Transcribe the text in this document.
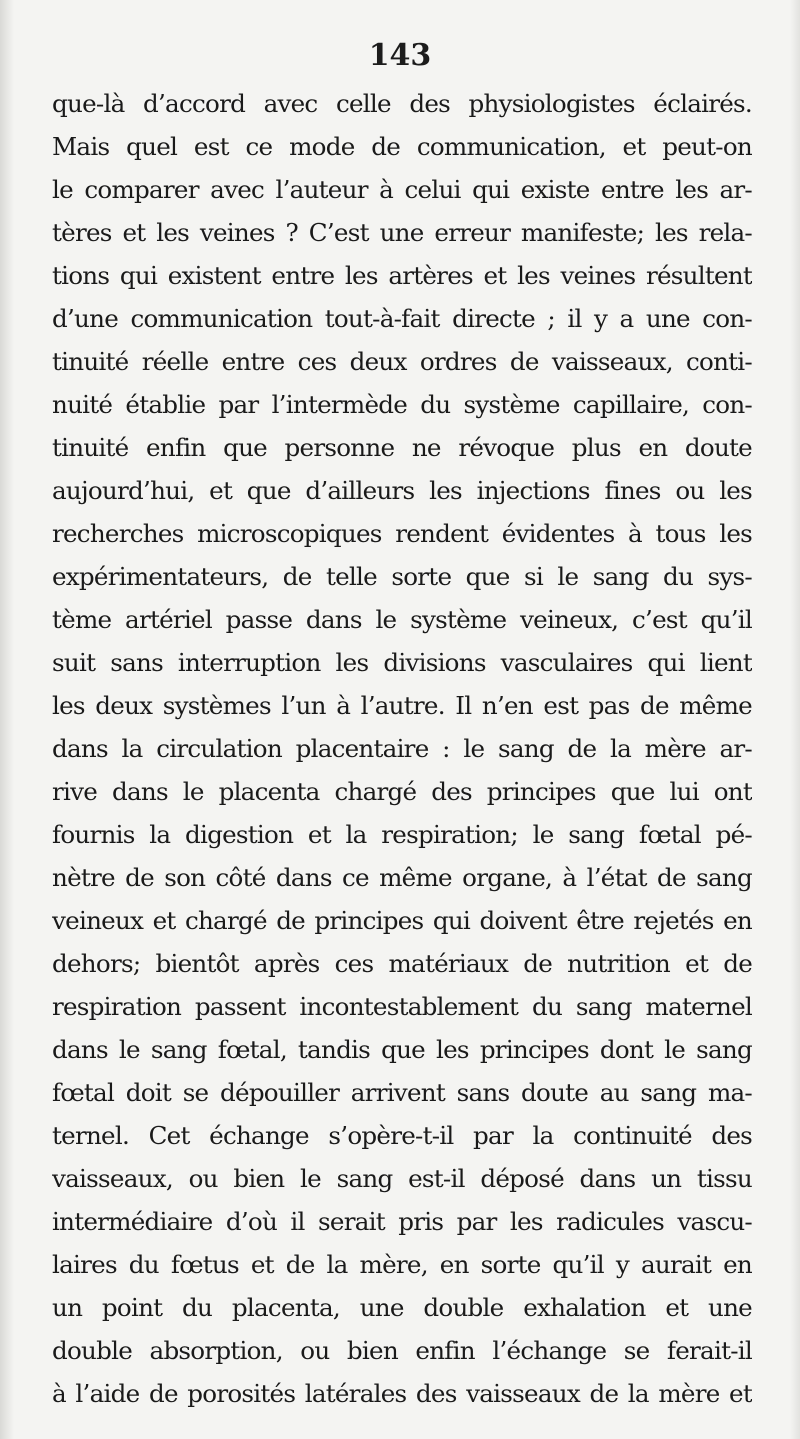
143
que-là d’accord avec celle des physiologistes éclairés.
Mais quel est ce mode de communication, et peut-on
le comparer avec l’auteur à celui qui existe entre les ar-
tères et les veines ? C’est une erreur manifeste; les rela-
tions qui existent entre les artères et les veines résultent
d’une communication tout-à-fait directe ; il y a une con-
tinuité réelle entre ces deux ordres de vaisseaux, conti-
nuité établie par l’intermède du système capillaire, con-
tinuité enfin que personne ne révoque plus en doute
aujourd’hui, et que d’ailleurs les injections fines ou les
recherches microscopiques rendent évidentes à tous les
expérimentateurs, de telle sorte que si le sang du sys-
tème artériel passe dans le système veineux, c’est qu’il
suit sans interruption les divisions vasculaires qui lient
les deux systèmes l’un à l’autre. Il n’en est pas de même
dans la circulation placentaire : le sang de la mère ar-
rive dans le placenta chargé des principes que lui ont
fournis la digestion et la respiration; le sang fœtal pé-
nètre de son côté dans ce même organe, à l’état de sang
veineux et chargé de principes qui doivent être rejetés en
dehors; bientôt après ces matériaux de nutrition et de
respiration passent incontestablement du sang maternel
dans le sang fœtal, tandis que les principes dont le sang
fœtal doit se dépouiller arrivent sans doute au sang ma-
ternel. Cet échange s’opère-t-il par la continuité des
vaisseaux, ou bien le sang est-il déposé dans un tissu
intermédiaire d’où il serait pris par les radicules vascu-
laires du fœtus et de la mère, en sorte qu’il y aurait en
un point du placenta, une double exhalation et une
double absorption, ou bien enfin l’échange se ferait-il
à l’aide de porosités latérales des vaisseaux de la mère et
